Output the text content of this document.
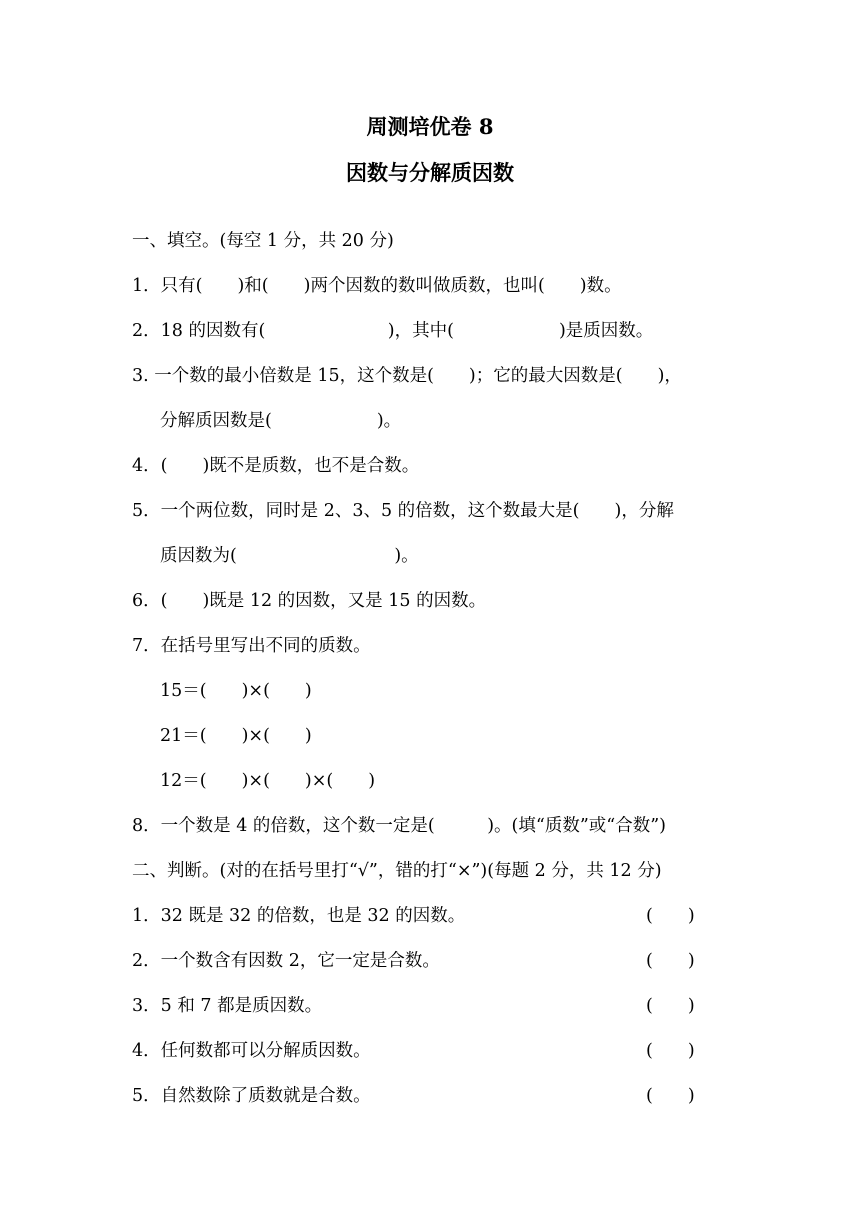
周测培优卷 8
因数与分解质因数
一、填空。(每空 1 分，共 20 分)
1．只有(　　)和(　　)两个因数的数叫做质数，也叫(　　)数。
2．18 的因数有(　　　　　　　)，其中(　　　　　　)是质因数。
3. 一个数的最小倍数是 15，这个数是(　　)；它的最大因数是(　　)，
分解质因数是(　　　　　　)。
4．(　　)既不是质数，也不是合数。
5．一个两位数，同时是 2、3、5 的倍数，这个数最大是(　　)，分解
质因数为(　　　　　　　　　)。
6．(　　)既是 12 的因数，又是 15 的因数。
7．在括号里写出不同的质数。
15＝(　　)×(　　)
21＝(　　)×(　　)
12＝(　　)×(　　)×(　　)
8．一个数是 4 的倍数，这个数一定是(　　　)。(填“质数”或“合数”)
二、判断。(对的在括号里打“√”，错的打“×”)(每题 2 分，共 12 分)
1．32 既是 32 的倍数，也是 32 的因数。	(　　)
2．一个数含有因数 2，它一定是合数。	(　　)
3．5 和 7 都是质因数。	(　　)
4．任何数都可以分解质因数。	(　　)
5．自然数除了质数就是合数。	(　　)
